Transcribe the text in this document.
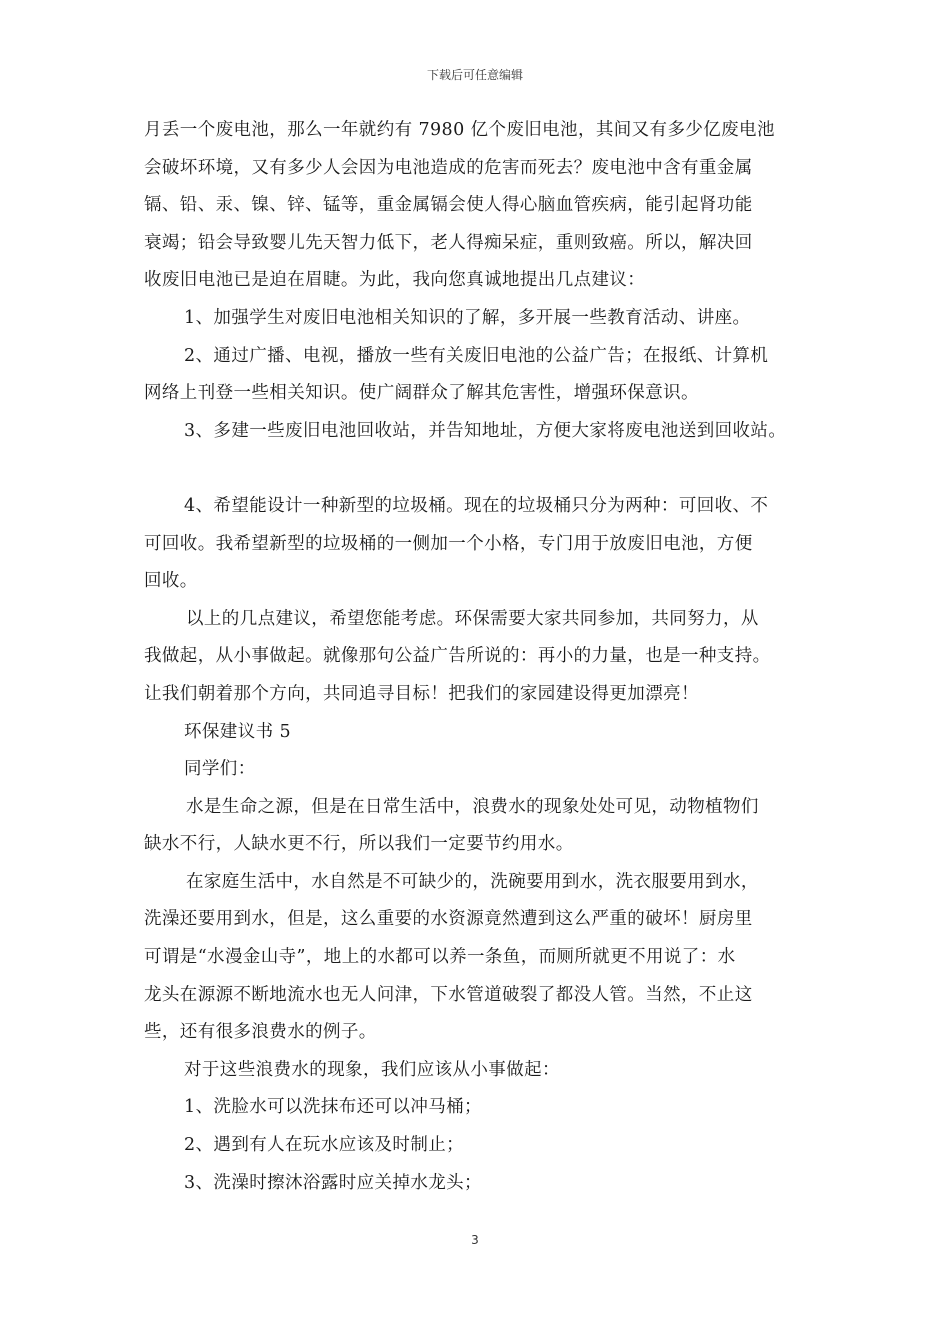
下载后可任意编辑

月丢一个废电池，那么一年就约有 7980 亿个废旧电池，其间又有多少亿废电池

会破坏环境，又有多少人会因为电池造成的危害而死去？废电池中含有重金属

镉、铅、汞、镍、锌、锰等，重金属镉会使人得心脑血管疾病，能引起肾功能

衰竭；铅会导致婴儿先天智力低下，老人得痴呆症，重则致癌。所以，解决回

收废旧电池已是迫在眉睫。为此，我向您真诚地提出几点建议：

1、加强学生对废旧电池相关知识的了解，多开展一些教育活动、讲座。

2、通过广播、电视，播放一些有关废旧电池的公益广告；在报纸、计算机

网络上刊登一些相关知识。使广阔群众了解其危害性，增强环保意识。

3、多建一些废旧电池回收站，并告知地址，方便大家将废电池送到回收站。

4、希望能设计一种新型的垃圾桶。现在的垃圾桶只分为两种：可回收、不

可回收。我希望新型的垃圾桶的一侧加一个小格，专门用于放废旧电池，方便

回收。

以上的几点建议，希望您能考虑。环保需要大家共同参加，共同努力，从

我做起，从小事做起。就像那句公益广告所说的：再小的力量，也是一种支持。

让我们朝着那个方向，共同追寻目标！把我们的家园建设得更加漂亮！

环保建议书 5

同学们：

水是生命之源，但是在日常生活中，浪费水的现象处处可见，动物植物们

缺水不行，人缺水更不行，所以我们一定要节约用水。

在家庭生活中，水自然是不可缺少的，洗碗要用到水，洗衣服要用到水，

洗澡还要用到水，但是，这么重要的水资源竟然遭到这么严重的破坏！厨房里

可谓是“水漫金山寺”，地上的水都可以养一条鱼，而厕所就更不用说了：水

龙头在源源不断地流水也无人问津，下水管道破裂了都没人管。当然，不止这

些，还有很多浪费水的例子。

对于这些浪费水的现象，我们应该从小事做起：

1、洗脸水可以洗抹布还可以冲马桶；

2、遇到有人在玩水应该及时制止；

3、洗澡时擦沐浴露时应关掉水龙头；

3
